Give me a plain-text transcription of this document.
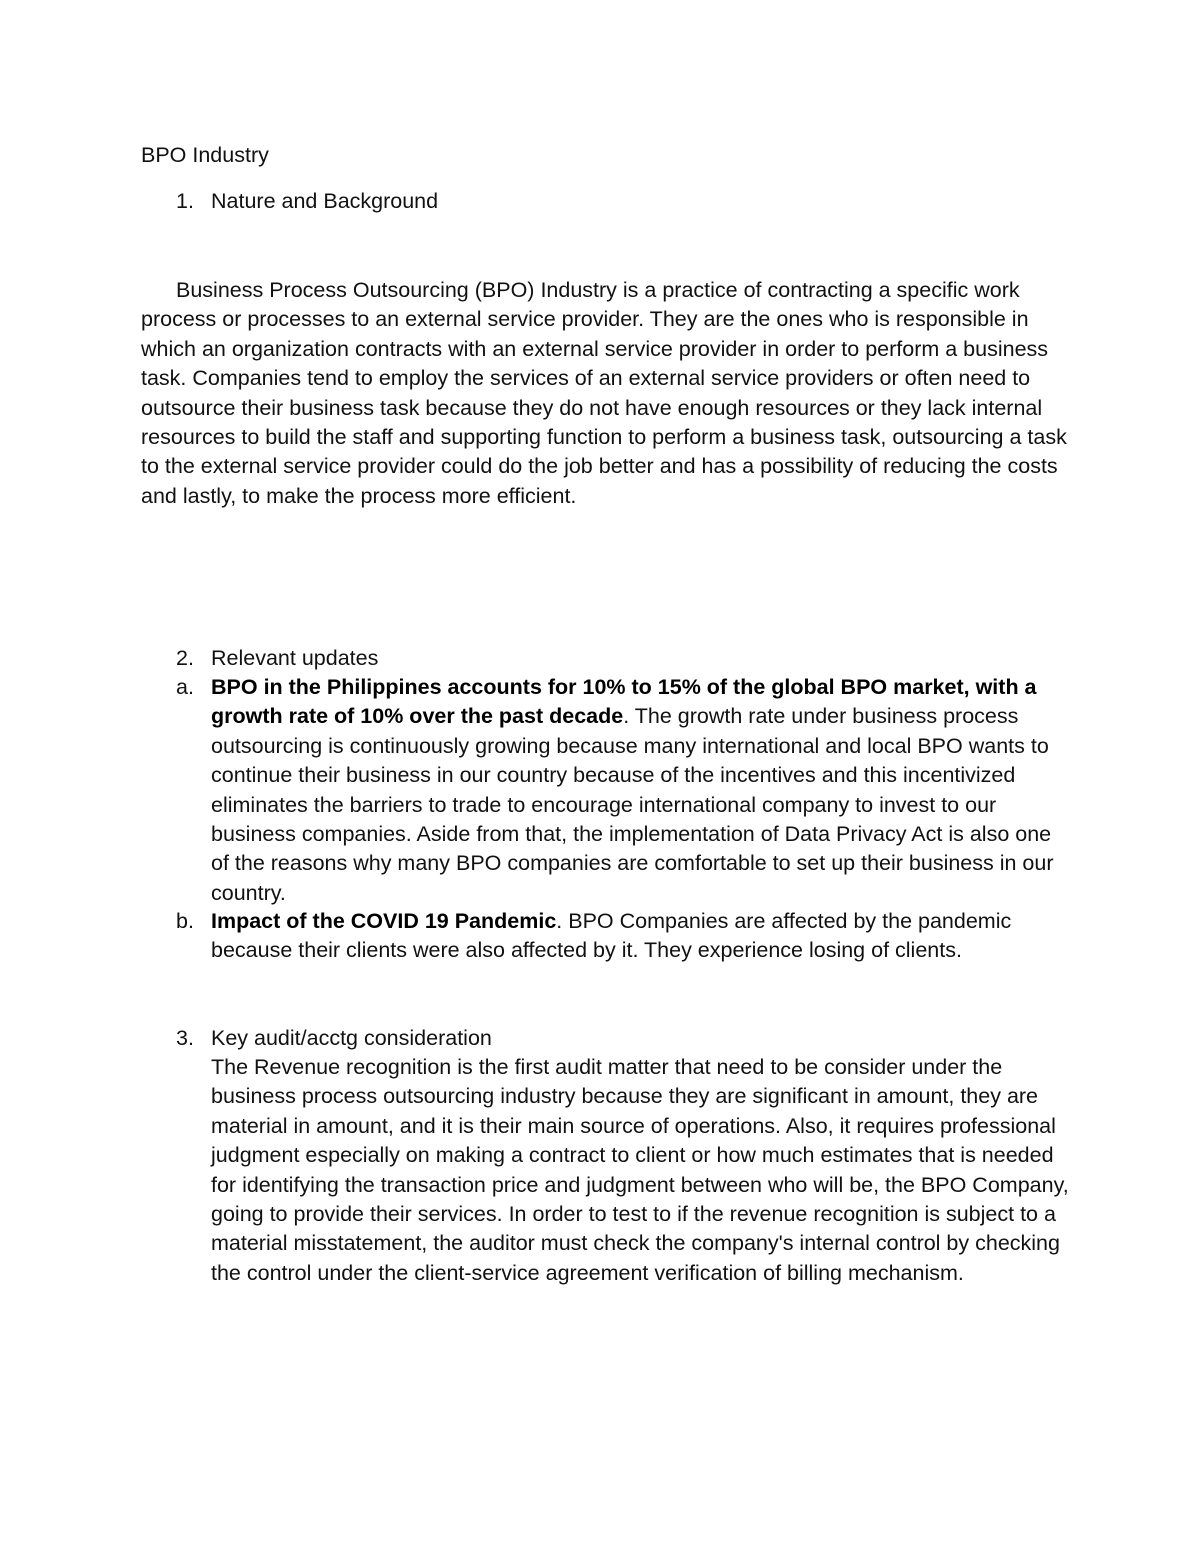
BPO Industry
1. Nature and Background

Business Process Outsourcing (BPO) Industry is a practice of contracting a specific work process or processes to an external service provider. They are the ones who is responsible in which an organization contracts with an external service provider in order to perform a business task. Companies tend to employ the services of an external service providers or often need to outsource their business task because they do not have enough resources or they lack internal resources to build the staff and supporting function to perform a business task, outsourcing a task to the external service provider could do the job better and has a possibility of reducing the costs and lastly, to make the process more efficient.

2. Relevant updates
a. BPO in the Philippines accounts for 10% to 15% of the global BPO market, with a growth rate of 10% over the past decade. The growth rate under business process outsourcing is continuously growing because many international and local BPO wants to continue their business in our country because of the incentives and this incentivized eliminates the barriers to trade to encourage international company to invest to our business companies. Aside from that, the implementation of Data Privacy Act is also one of the reasons why many BPO companies are comfortable to set up their business in our country.
b. Impact of the COVID 19 Pandemic. BPO Companies are affected by the pandemic because their clients were also affected by it. They experience losing of clients.
3. Key audit/acctg consideration

The Revenue recognition is the first audit matter that need to be consider under the business process outsourcing industry because they are significant in amount, they are material in amount, and it is their main source of operations. Also, it requires professional judgment especially on making a contract to client or how much estimates that is needed for identifying the transaction price and judgment between who will be, the BPO Company, going to provide their services. In order to test to if the revenue recognition is subject to a material misstatement, the auditor must check the company's internal control by checking the control under the client-service agreement verification of billing mechanism.
